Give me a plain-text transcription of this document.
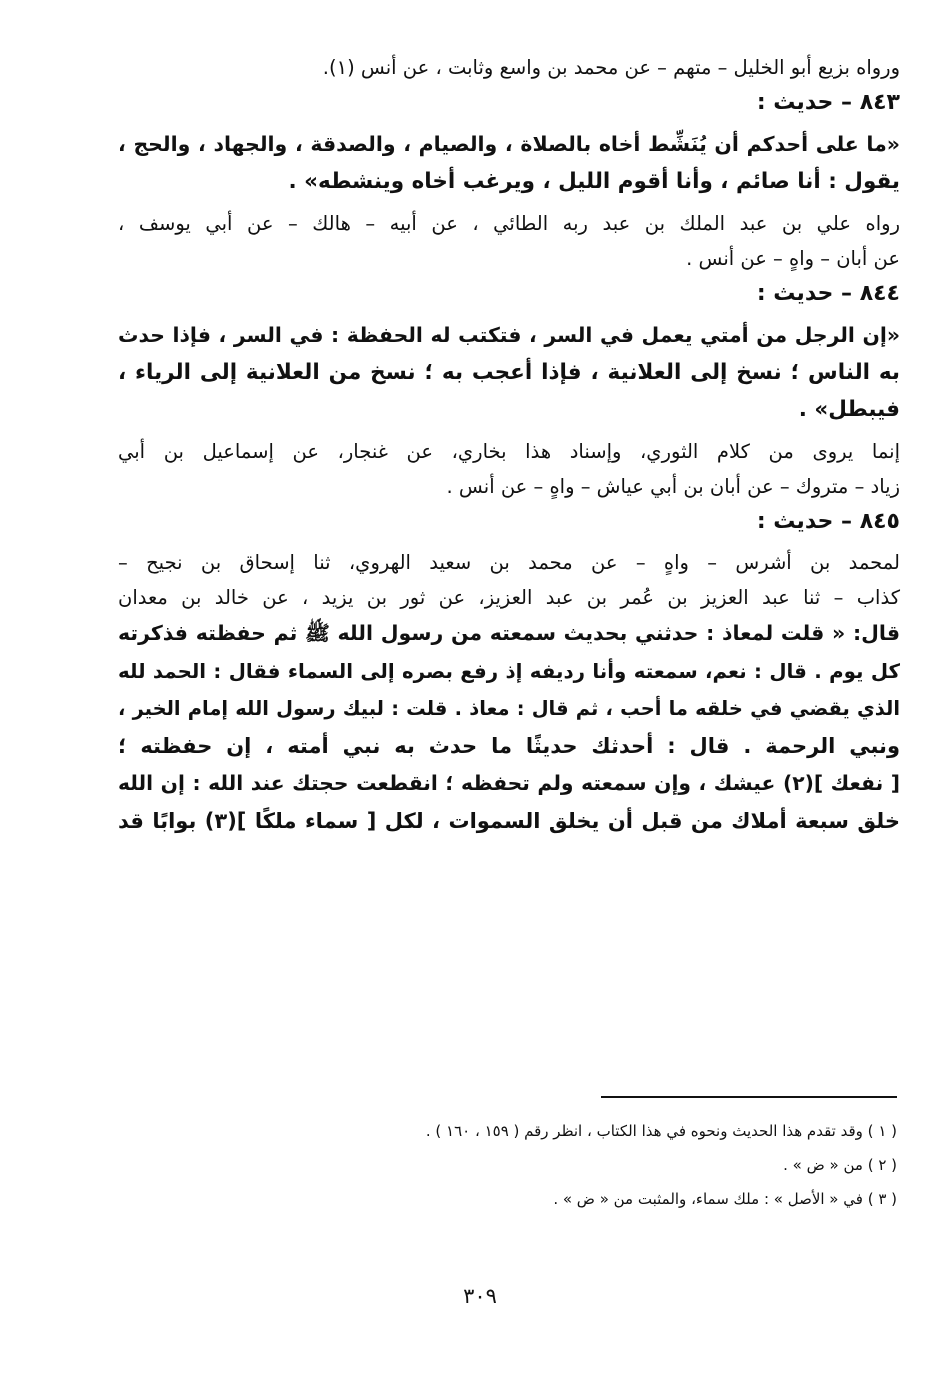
ورواه بزيع أبو الخليل – متهم – عن محمد بن واسع وثابت ، عن أنس (١).
٨٤٣ – حديث :
«ما على أحدكم أن يُنَشِّط أخاه بالصلاة ، والصيام ، والصدقة ، والجهاد ، والحج ،
يقول : أنا صائم ، وأنا أقوم الليل ، ويرغب أخاه وينشطه» .
رواه علي بن عبد الملك بن عبد ربه الطائي ، عن أبيه – هالك – عن أبي يوسف ،
عن أبان – واهٍ – عن أنس .
٨٤٤ – حديث :
«إن الرجل من أمتي يعمل في السر ، فتكتب له الحفظة : في السر ، فإذا حدث
به الناس ؛ نسخ إلى العلانية ، فإذا أعجب به ؛ نسخ من العلانية إلى الرياء ،
فيبطل» .
إنما يروى من كلام الثوري، وإسناد هذا بخاري، عن غنجار، عن إسماعيل بن أبي
زياد – متروك – عن أبان بن أبي عياش – واهٍ – عن أنس .
٨٤٥ – حديث :
لمحمد بن أشرس – واهٍ – عن محمد بن سعيد الهروي، ثنا إسحاق بن نجيح –
كذاب – ثنا عبد العزيز بن عُمر بن عبد العزيز، عن ثور بن يزيد ، عن خالد بن معدان
قال: « قلت لمعاذ : حدثني بحديث سمعته من رسول الله ﷺ ثم حفظته فذكرته
كل يوم . قال : نعم، سمعته وأنا رديفه إذ رفع بصره إلى السماء فقال : الحمد لله
الذي يقضي في خلقه ما أحب ، ثم قال : معاذ . قلت : لبيك رسول الله إمام الخير ،
ونبي الرحمة . قال : أحدثك حديثًا ما حدث به نبي أمته ، إن حفظته ؛
[ نفعك ](٢) عيشك ، وإن سمعته ولم تحفظه ؛ انقطعت حجتك عند الله : إن الله
خلق سبعة أملاك من قبل أن يخلق السموات ، لكل [ سماء ملكًا ](٣) بوابًا قد
( ١ ) وقد تقدم هذا الحديث ونحوه في هذا الكتاب ، انظر رقم ( ١٥٩ ، ١٦٠ ) .
( ٢ ) من « ض » .
( ٣ ) في « الأصل » : ملك سماء، والمثبت من « ض » .
٣٠٩
